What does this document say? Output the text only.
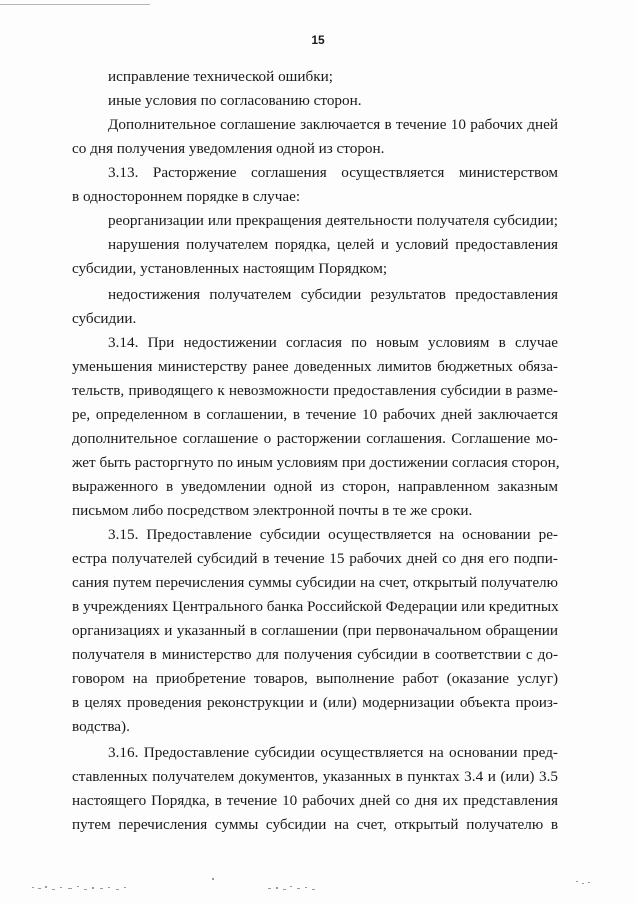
15
исправление технической ошибки;
иные условия по согласованию сторон.
Дополнительное соглашение заключается в течение 10 рабочих дней
со дня получения уведомления одной из сторон.
3.13. Расторжение соглашения осуществляется министерством
в одностороннем порядке в случае:
реорганизации или прекращения деятельности получателя субсидии;
нарушения получателем порядка, целей и условий предоставления
субсидии, установленных настоящим Порядком;
недостижения получателем субсидии результатов предоставления
субсидии.
3.14. При недостижении согласия по новым условиям в случае
уменьшения министерству ранее доведенных лимитов бюджетных обяза-
тельств, приводящего к невозможности предоставления субсидии в разме-
ре, определенном в соглашении, в течение 10 рабочих дней заключается
дополнительное соглашение о расторжении соглашения. Соглашение мо-
жет быть расторгнуто по иным условиям при достижении согласия сторон,
выраженного в уведомлении одной из сторон, направленном заказным
письмом либо посредством электронной почты в те же сроки.
3.15. Предоставление субсидии осуществляется на основании ре-
естра получателей субсидий в течение 15 рабочих дней со дня его подпи-
сания путем перечисления суммы субсидии на счет, открытый получателю
в учреждениях Центрального банка Российской Федерации или кредитных
организациях и указанный в соглашении (при первоначальном обращении
получателя в министерство для получения субсидии в соответствии с до-
говором на приобретение товаров, выполнение работ (оказание услуг)
в целях проведения реконструкции и (или) модернизации объекта произ-
водства).
3.16. Предоставление субсидии осуществляется на основании пред-
ставленных получателем документов, указанных в пунктах 3.4 и (или) 3.5
настоящего Порядка, в течение 10 рабочих дней со дня их представления
путем перечисления суммы субсидии на счет, открытый получателю в
